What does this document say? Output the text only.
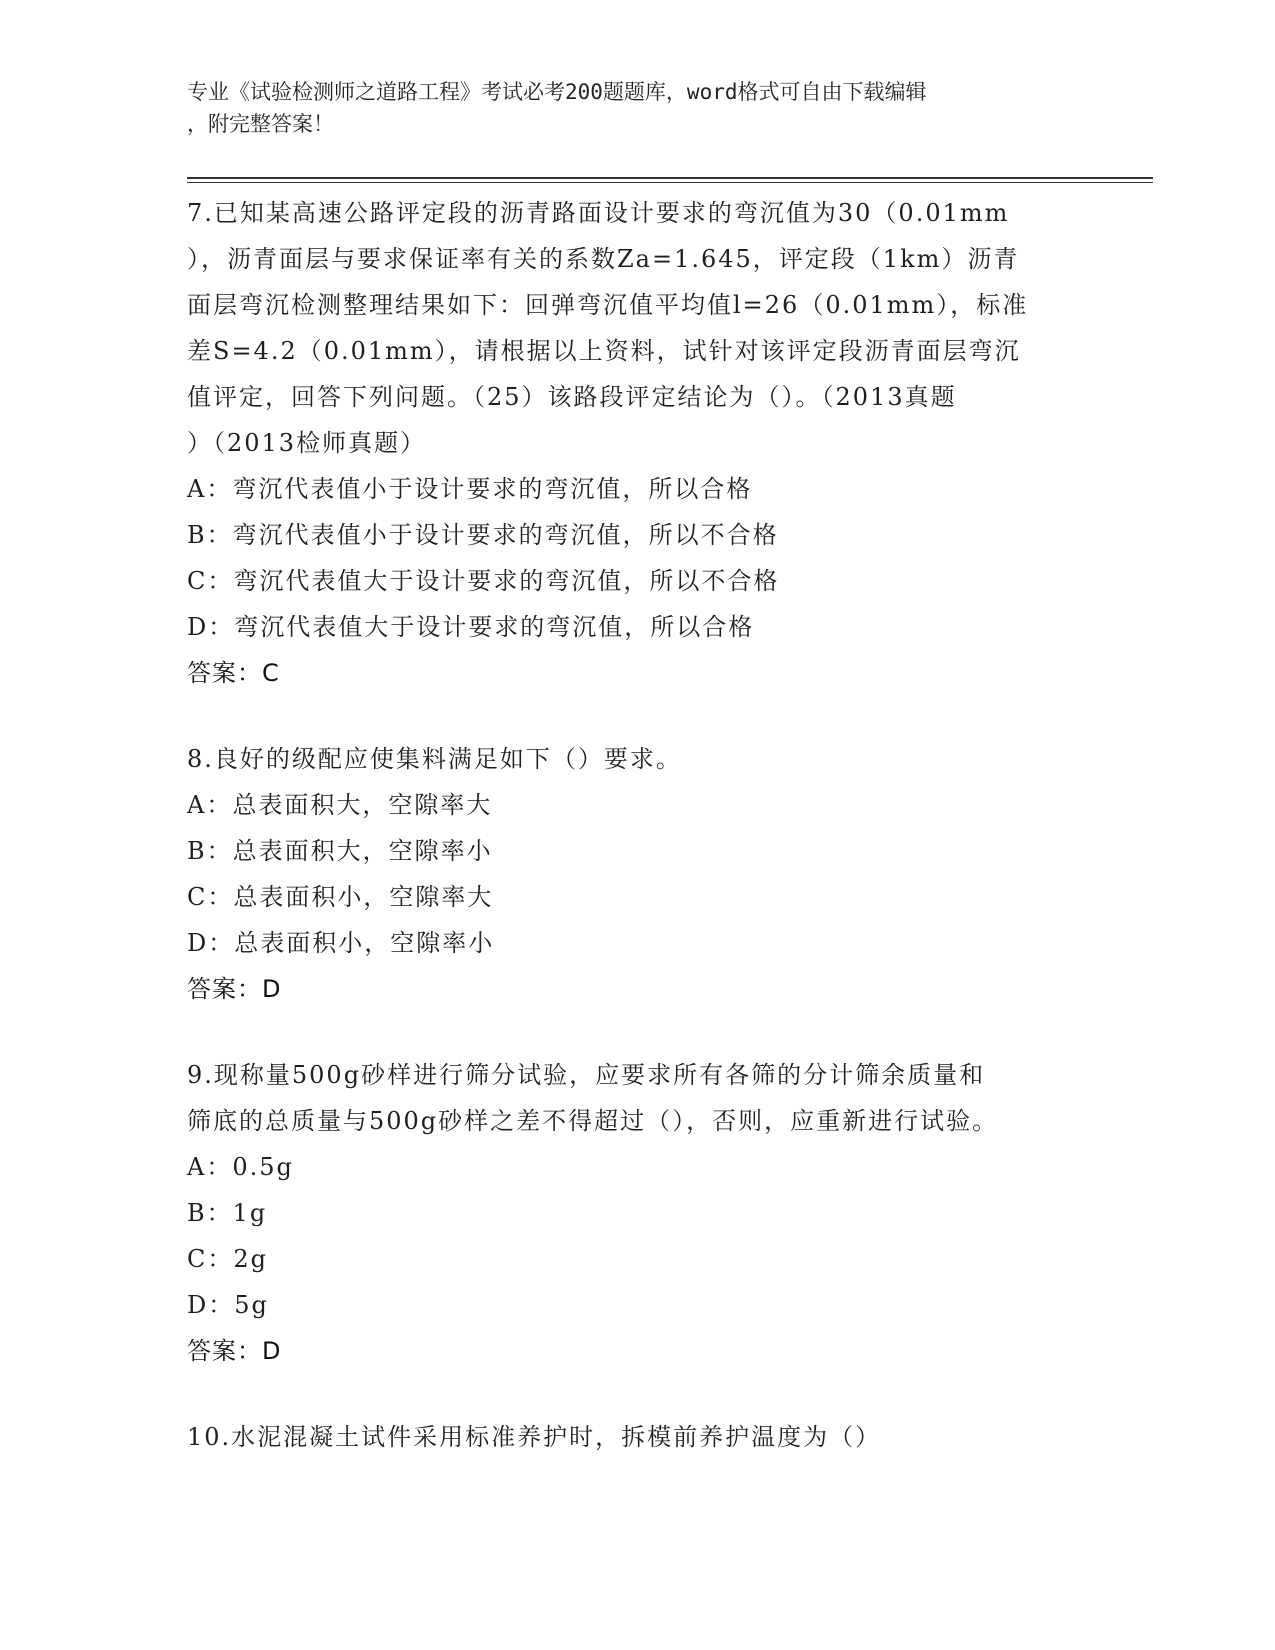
专业《试验检测师之道路工程》考试必考200题题库，word格式可自由下载编辑
，附完整答案！

7.已知某高速公路评定段的沥青路面设计要求的弯沉值为30（0.01mm

），沥青面层与要求保证率有关的系数Za=1.645，评定段（1km）沥青

面层弯沉检测整理结果如下：回弹弯沉值平均值l=26（0.01mm），标准

差S=4.2（0.01mm），请根据以上资料，试针对该评定段沥青面层弯沉

值评定，回答下列问题。（25）该路段评定结论为（）。（2013真题

）（2013检师真题）

A：弯沉代表值小于设计要求的弯沉值，所以合格

B：弯沉代表值小于设计要求的弯沉值，所以不合格

C：弯沉代表值大于设计要求的弯沉值，所以不合格

D：弯沉代表值大于设计要求的弯沉值，所以合格

答案：C

8.良好的级配应使集料满足如下（）要求。

A：总表面积大，空隙率大

B：总表面积大，空隙率小

C：总表面积小，空隙率大

D：总表面积小，空隙率小

答案：D

9.现称量500g砂样进行筛分试验，应要求所有各筛的分计筛余质量和

筛底的总质量与500g砂样之差不得超过（），否则，应重新进行试验。

A：0.5g

B：1g

C：2g

D：5g

答案：D

10.水泥混凝土试件采用标准养护时，拆模前养护温度为（）
